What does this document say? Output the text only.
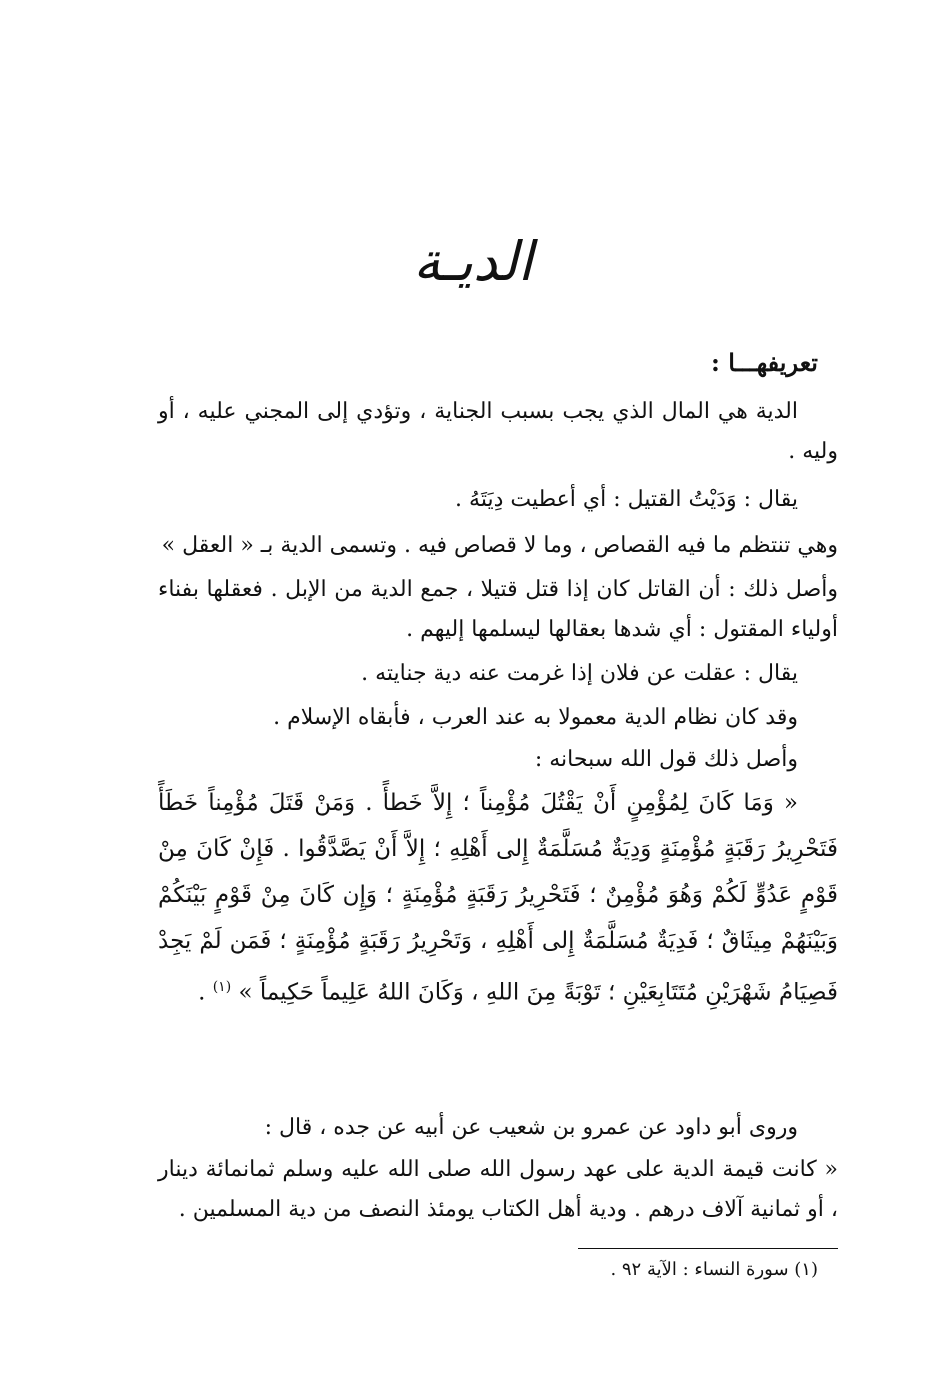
الديـة
تعريفهـــا :
الدية هي المال الذي يجب بسبب الجناية ، وتؤدي إلى المجني عليه ، أو وليه .
يقال : وَدَيْتُ القتيل : أي أعطيت دِيَتَهُ .
وهي تنتظم ما فيه القصاص ، وما لا قصاص فيه . وتسمى الدية بـ « العقل »
وأصل ذلك : أن القاتل كان إذا قتل قتيلا ، جمع الدية من الإبل . فعقلها بفناء أولياء المقتول : أي شدها بعقالها ليسلمها إليهم .
يقال : عقلت عن فلان إذا غرمت عنه دية جنايته .
وقد كان نظام الدية معمولا به عند العرب ، فأبقاه الإسلام .
وأصل ذلك قول الله سبحانه :
« وَمَا كَانَ لِمُؤْمِنٍ أَنْ يَقْتُلَ مُؤْمِناً ؛ إِلاَّ خَطأً . وَمَنْ قَتَلَ مُؤْمِناً خَطَأً فَتَحْرِيرُ رَقَبَةٍ مُؤْمِنَةٍ وَدِيَةٌ مُسَلَّمَةٌ إِلى أَهْلِهِ ؛ إِلاَّ أَنْ يَصَّدَّقُوا . فَإِنْ كَانَ مِنْ قَوْمٍ عَدُوٍّ لَكُمْ وَهُوَ مُؤْمِنٌ ؛ فَتَحْرِيرُ رَقَبَةٍ مُؤْمِنَةٍ ؛ وَإِن كَانَ مِنْ قَوْمٍ بَيْنَكُمْ وَبَيْنَهُمْ مِيثَاقٌ ؛ فَدِيَةٌ مُسَلَّمَةٌ إِلى أَهْلِهِ ، وَتَحْرِيرُ رَقَبَةٍ مُؤْمِنَةٍ ؛ فَمَن لَمْ يَجِدْ فَصِيَامُ شَهْرَيْنِ مُتَتَابِعَيْنِ ؛ تَوْبَةً مِنَ اللهِ ، وَكَانَ اللهُ عَلِيماً حَكِيماً » $^{(١)}$ .
وروى أبو داود عن عمرو بن شعيب عن أبيه عن جده ، قال :
« كانت قيمة الدية على عهد رسول الله صلى الله عليه وسلم ثمانمائة دينار ، أو ثمانية آلاف درهم . ودية أهل الكتاب يومئذ النصف من دية المسلمين .
(١) سورة النساء : الآية ٩٢ .
